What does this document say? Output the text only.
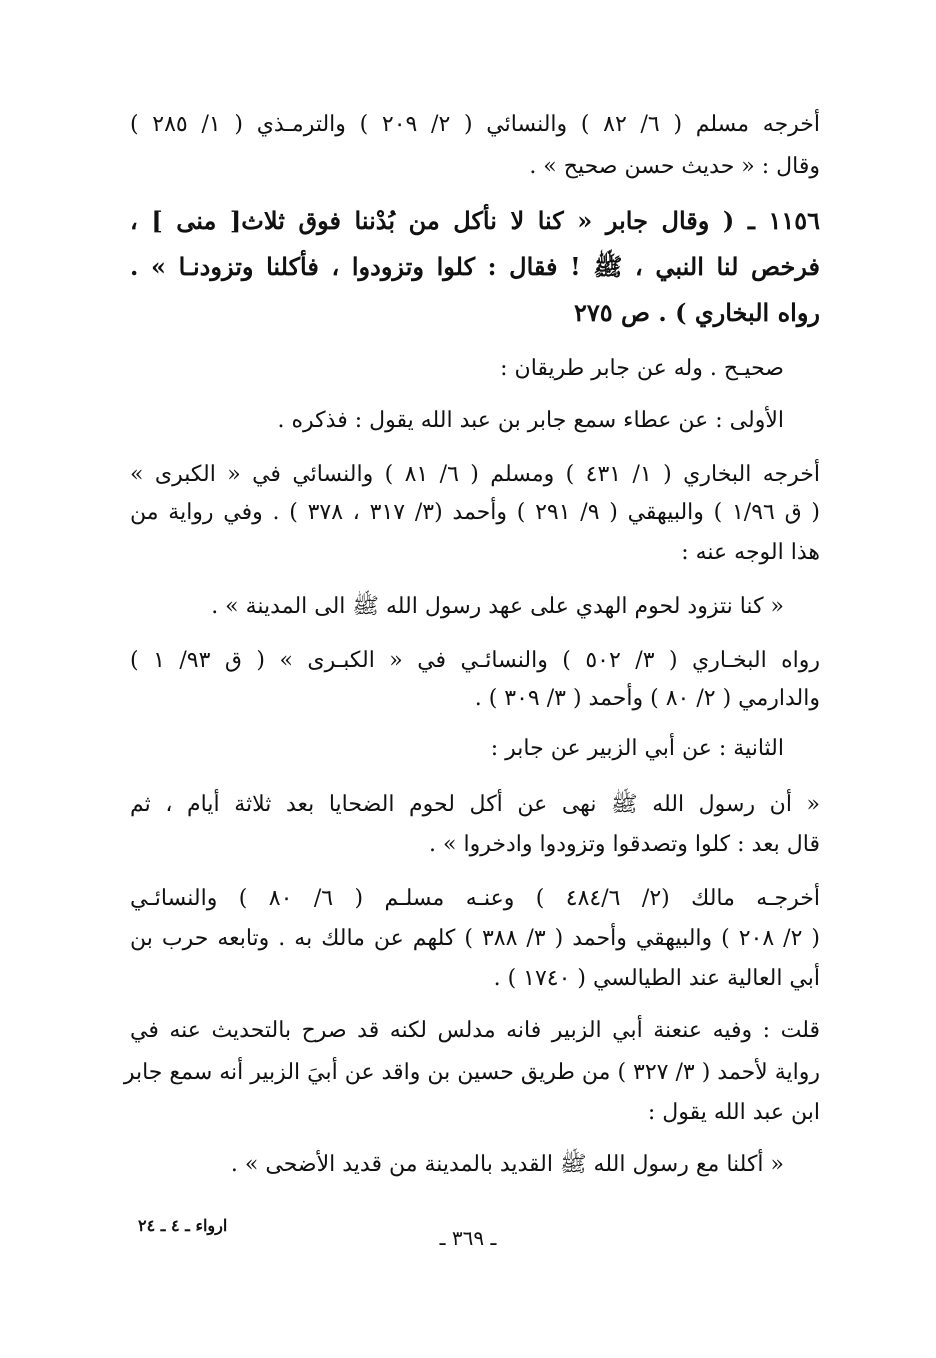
أخرجه مسلم ( ٦/ ٨٢ ) والنسائي ( ٢/ ٢٠٩ ) والترمـذي ( ١/ ٢٨٥ )
وقال : « حديث حسن صحيح » .
١١٥٦ ـ ( وقال جابر « كنا لا نأكل من بُدْننا فوق ثلاث[ منى ] ،
فرخص لنا النبي ، ﷺ ! فقال : كلوا وتزودوا ، فأكلنا وتزودنـا » .
رواه البخاري ) . ص ٢٧٥
صحيـح . وله عن جابر طريقان :
الأولى : عن عطاء سمع جابر بن عبد الله يقول : فذكره .
أخرجه البخاري ( ١/ ٤٣١ ) ومسلم ( ٦/ ٨١ ) والنسائي في « الكبرى »
( ق ١/٩٦ ) والبيهقي ( ٩/ ٢٩١ ) وأحمد (٣/ ٣١٧ ، ٣٧٨ ) . وفي رواية من
هذا الوجه عنه :
« كنا نتزود لحوم الهدي على عهد رسول الله ﷺ الى المدينة » .
رواه البخـاري ( ٣/ ٥٠٢ ) والنسائـي في « الكبـرى » ( ق ٩٣/ ١ )
والدارمي ( ٢/ ٨٠ ) وأحمد ( ٣/ ٣٠٩ ) .
الثانية : عن أبي الزبير عن جابر :
« أن رسول الله ﷺ نهى عن أكل لحوم الضحايا بعد ثلاثة أيام ، ثم
قال بعد : كلوا وتصدقوا وتزودوا وادخروا » .
أخرجـه مالك (٢/ ٤٨٤/٦ ) وعنـه مسلـم ( ٦/ ٨٠ ) والنسائـي
( ٢/ ٢٠٨ ) والبيهقي وأحمد ( ٣/ ٣٨٨ ) كلهم عن مالك به . وتابعه حرب بن
أبي العالية عند الطيالسي ( ١٧٤٠ ) .
قلت : وفيه عنعنة أبي الزبير فانه مدلس لكنه قد صرح بالتحديث عنه في
رواية لأحمد ( ٣/ ٣٢٧ ) من طريق حسين بن واقد عن أبيَ الزبير أنه سمع جابر
ابن عبد الله يقول :
« أكلنا مع رسول الله ﷺ القديد بالمدينة من قديد الأضحى » .
ارواء ـ ٤ ـ ٢٤
ـ ٣٦٩ ـ
